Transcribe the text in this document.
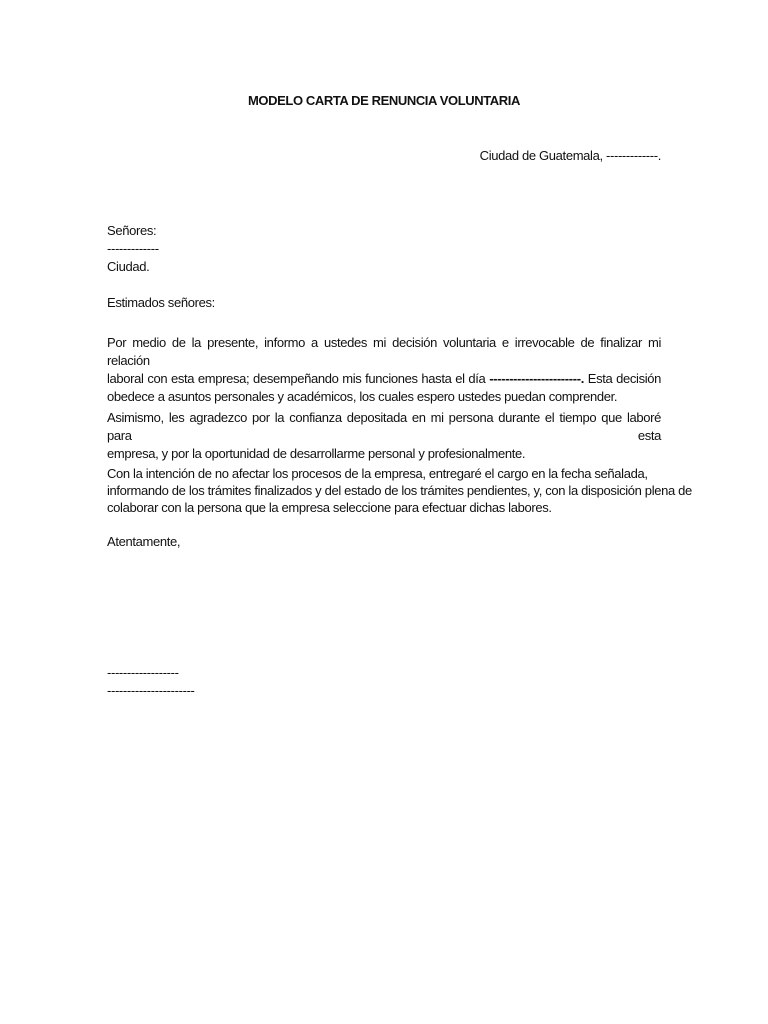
MODELO CARTA DE RENUNCIA VOLUNTARIA
Ciudad de Guatemala, -------------.
Señores:
-------------
Ciudad.
Estimados señores:
Por medio de la presente, informo a ustedes mi decisión voluntaria e irrevocable de finalizar mi relación
laboral con esta empresa; desempeñando mis funciones hasta el día -----------------------. Esta decisión
obedece a asuntos personales y académicos, los cuales espero ustedes puedan comprender.
Asimismo, les agradezco por la confianza depositada en mi persona durante el tiempo que laboré para esta
empresa, y por la oportunidad de desarrollarme personal y profesionalmente.
Con la intención de no afectar los procesos de la empresa, entregaré el cargo en la fecha señalada,
informando de los trámites finalizados y del estado de los trámites pendientes, y, con la disposición plena de
colaborar con la persona que la empresa seleccione para efectuar dichas labores.
Atentamente,
------------------
----------------------
